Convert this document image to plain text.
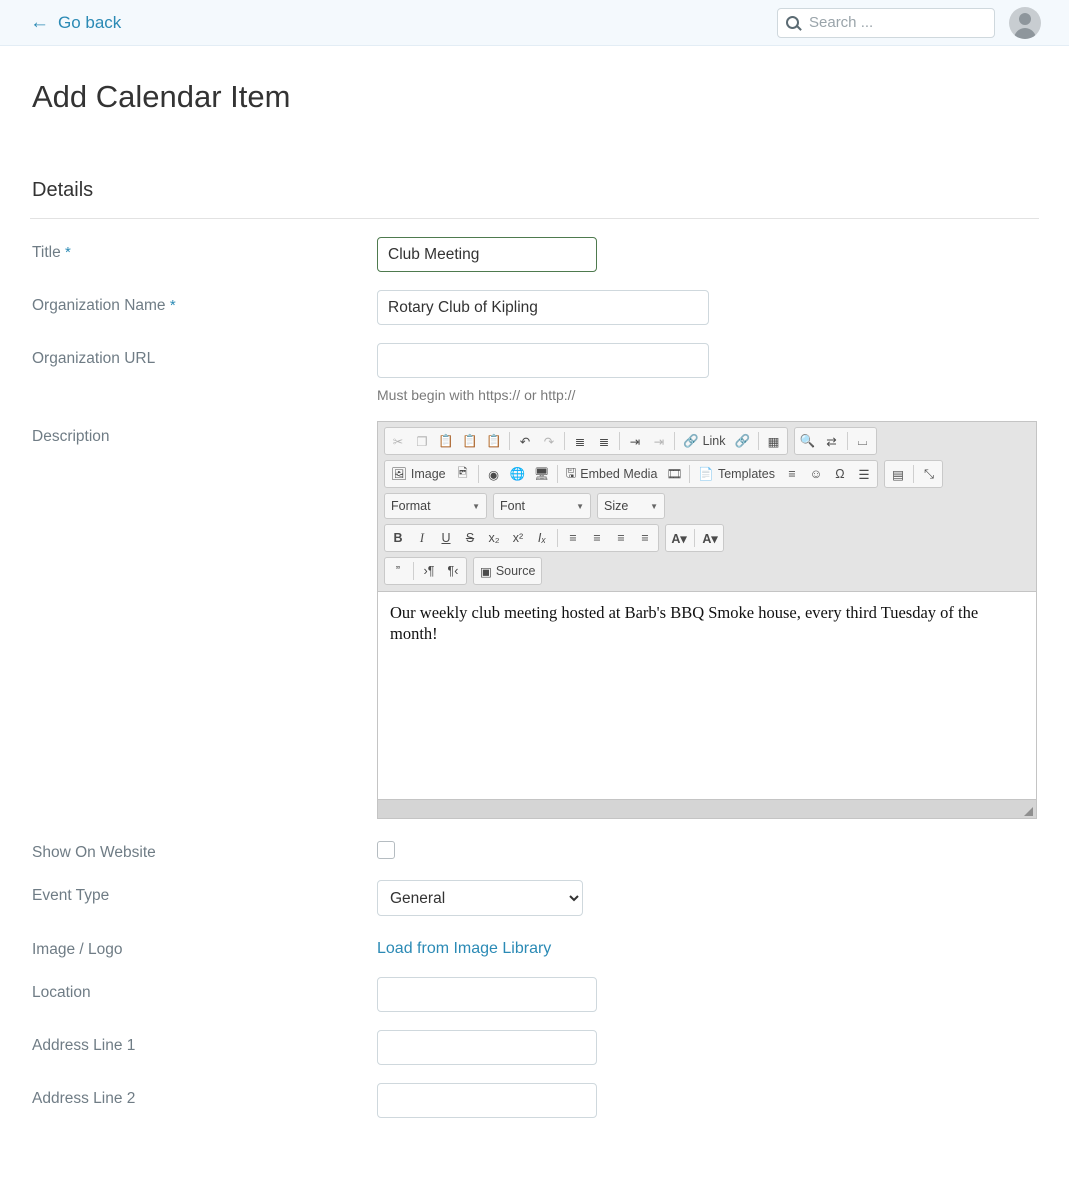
← Go back
Search ...
Add Calendar Item
Details
Title *
Club Meeting
Organization Name *
Rotary Club of Kipling
Organization URL
Must begin with https:// or http://
Description	✂	❐ 📋 📋 📋	↶	↷	≣	≣	⇥	⇥	🔗 Link 🔗	▦	🔍 ⇄	⌴
🖼 Image 🖻	◉ 🌐 🖥	🖫 Embed Media 🎞	📄 Templates	≡	☺	Ω	☰	▤	⤡
Format	▼ Font	▼ Size	▼
B	I	U	S	x₂	x²	Iₓ	≡	≡	≡	≡	A▾	A▾
”	›¶	¶‹	▣ Source
Our weekly club meeting hosted at Barb's BBQ Smoke house, every third Tuesday of the month!
Show On Website
Event Type
General
Image / Logo	Load from Image Library
Location
Address Line 1
Address Line 2
